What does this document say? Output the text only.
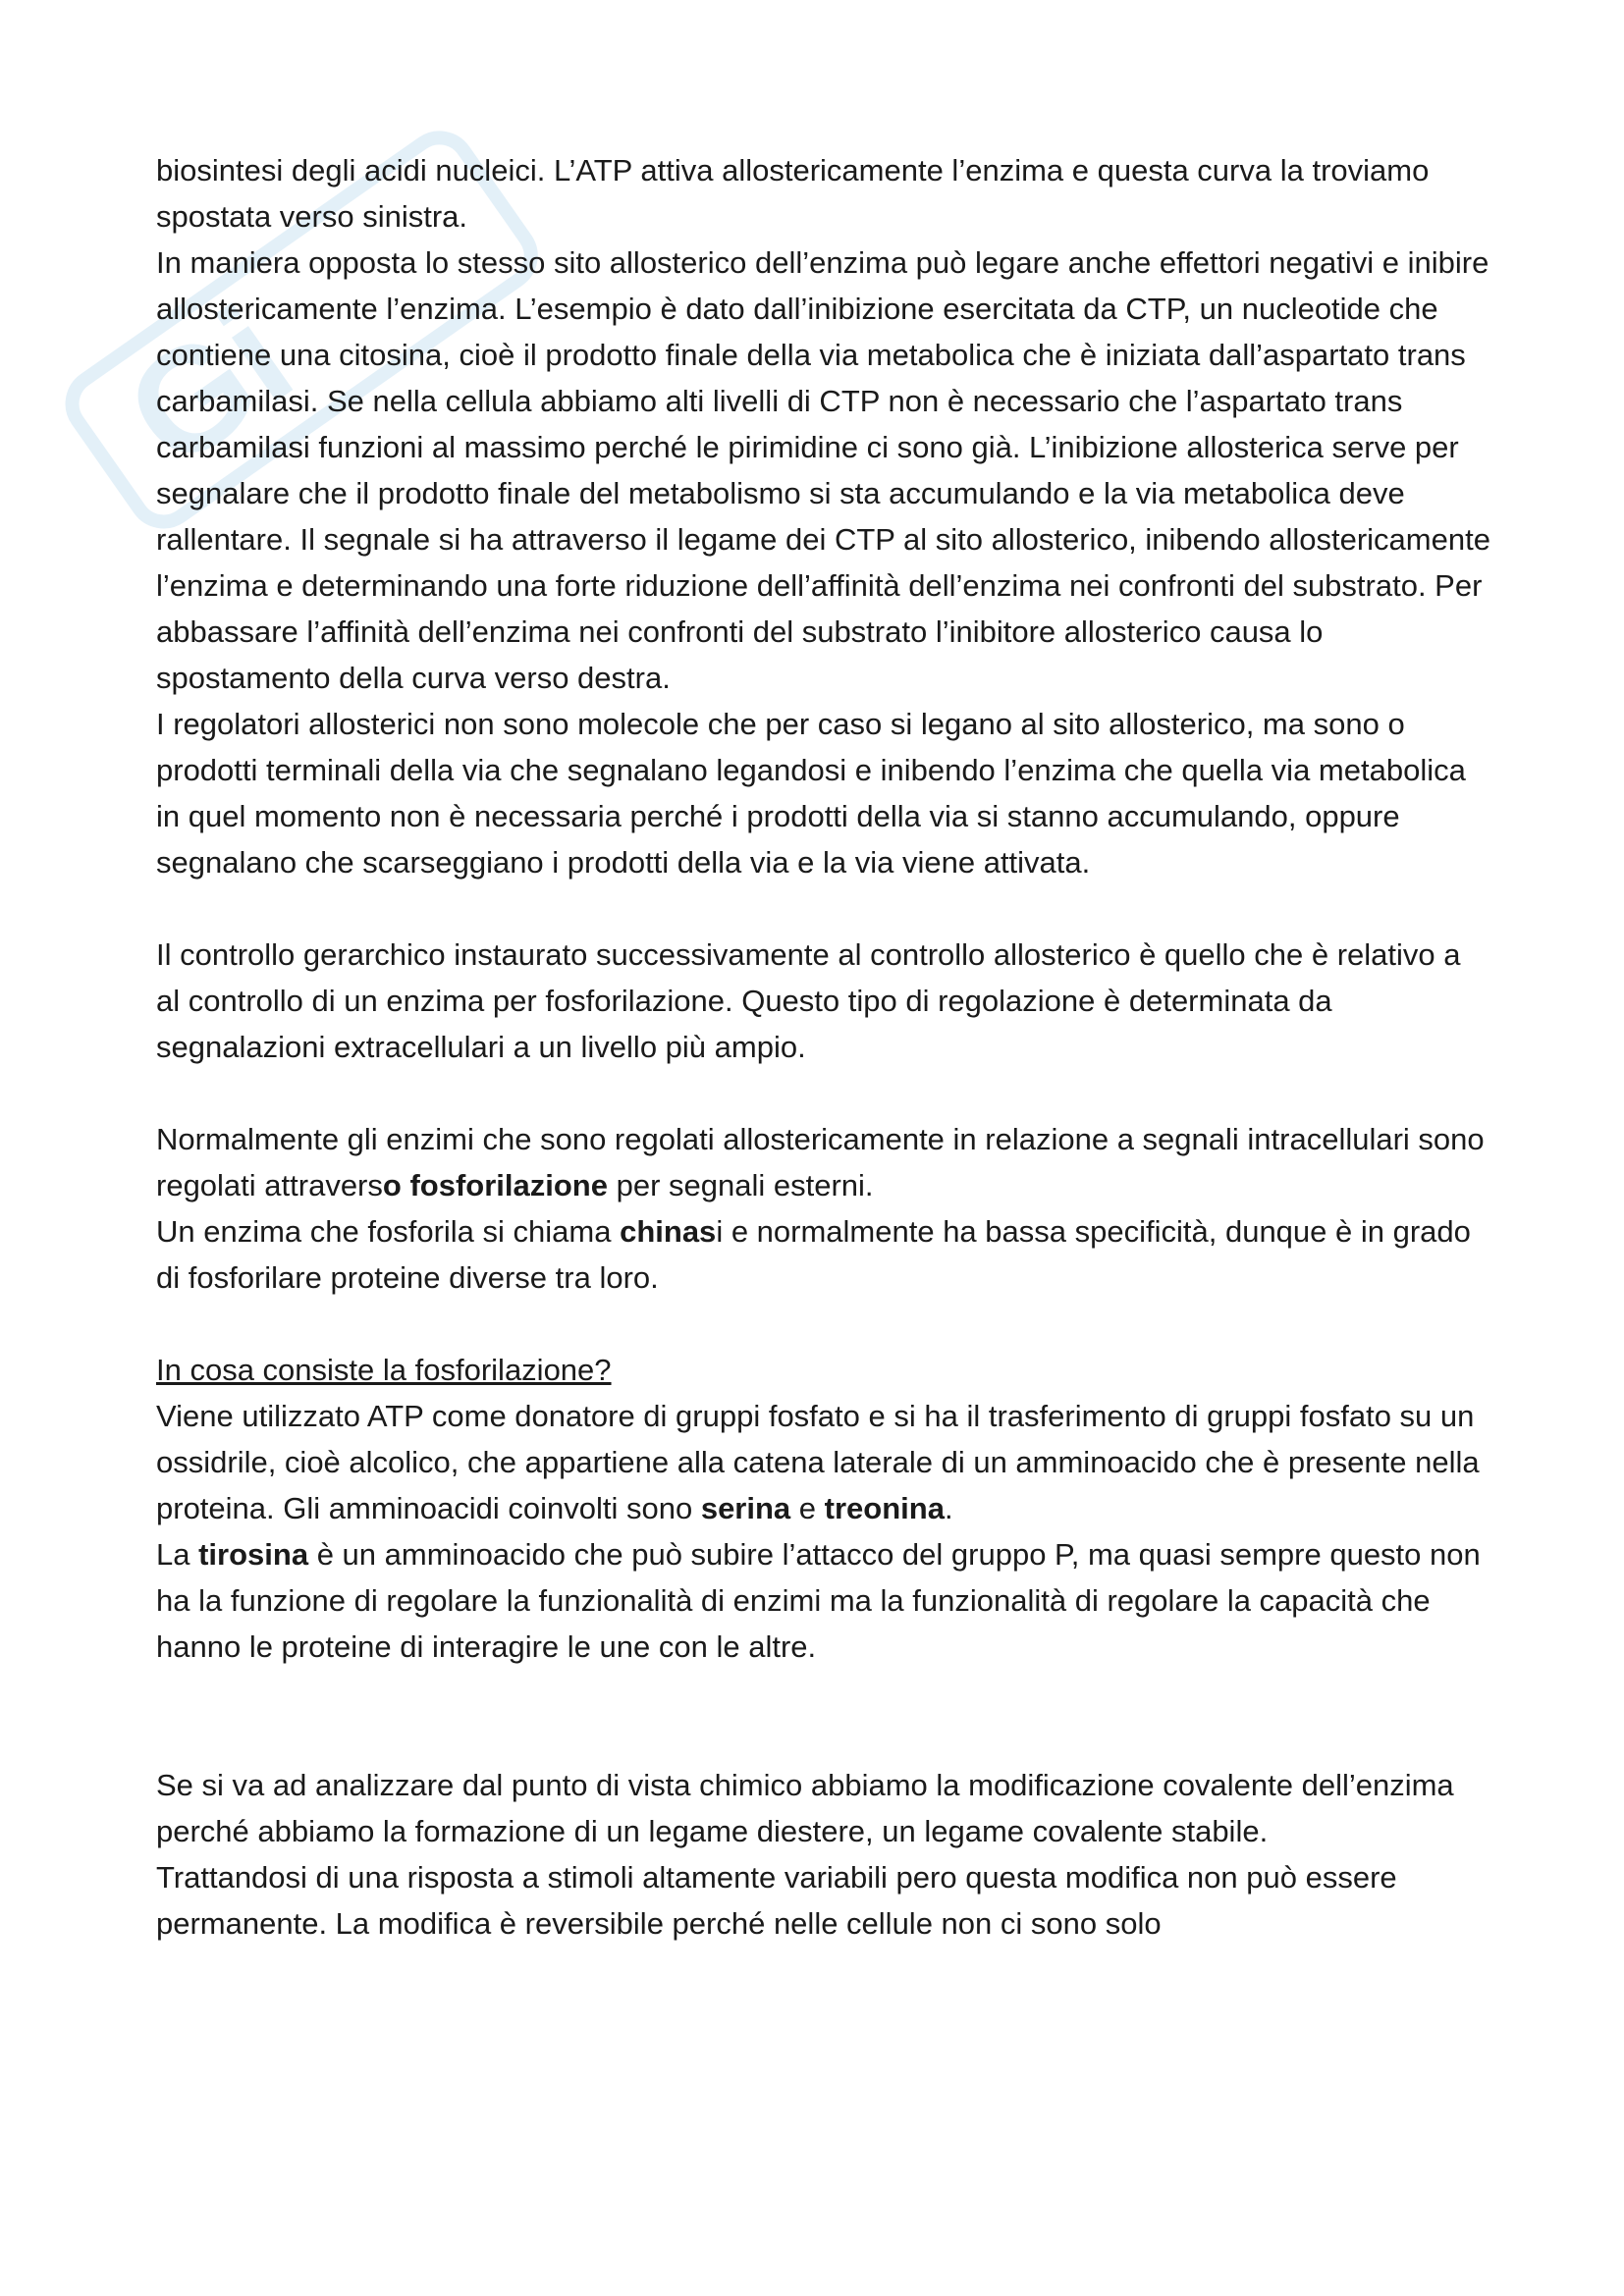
Gi

biosintesi degli acidi nucleici. L’ATP attiva allostericamente l’enzima e questa curva la troviamo spostata verso sinistra.

In maniera opposta lo stesso sito allosterico dell’enzima può legare anche effettori negativi e inibire allostericamente l’enzima. L’esempio è dato dall’inibizione esercitata da CTP, un nucleotide che contiene una citosina, cioè il prodotto finale della via metabolica che è iniziata dall’aspartato trans carbamilasi. Se nella cellula abbiamo alti livelli di CTP non è necessario che l’aspartato trans carbamilasi funzioni al massimo perché le pirimidine ci sono già. L’inibizione allosterica serve per segnalare che il prodotto finale del metabolismo si sta accumulando e la via metabolica deve rallentare. Il segnale si ha attraverso il legame dei CTP al sito allosterico, inibendo allostericamente l’enzima e determinando una forte riduzione dell’affinità dell’enzima nei confronti del substrato. Per abbassare l’affinità dell’enzima nei confronti del substrato l’inibitore allosterico causa lo spostamento della curva verso destra.

I regolatori allosterici non sono molecole che per caso si legano al sito allosterico, ma sono o prodotti terminali della via che segnalano legandosi e inibendo l’enzima che quella via metabolica in quel momento non è necessaria perché i prodotti della via si stanno accumulando, oppure segnalano che scarseggiano i prodotti della via e la via viene attivata.

Il controllo gerarchico instaurato successivamente al controllo allosterico è quello che è relativo a al controllo di un enzima per fosforilazione. Questo tipo di regolazione è determinata da segnalazioni extracellulari a un livello più ampio.

Normalmente gli enzimi che sono regolati allostericamente in relazione a segnali intracellulari sono regolati attraverso fosforilazione per segnali esterni.

Un enzima che fosforila si chiama chinasi e normalmente ha bassa specificità, dunque è in grado di fosforilare proteine diverse tra loro.

In cosa consiste la fosforilazione?

Viene utilizzato ATP come donatore di gruppi fosfato e si ha il trasferimento di gruppi fosfato su un ossidrile, cioè alcolico, che appartiene alla catena laterale di un amminoacido che è presente nella proteina. Gli amminoacidi coinvolti sono serina e treonina.

La tirosina è un amminoacido che può subire l’attacco del gruppo P, ma quasi sempre questo non ha la funzione di regolare la funzionalità di enzimi ma la funzionalità di regolare la capacità che hanno le proteine di interagire le une con le altre.

Se si va ad analizzare dal punto di vista chimico abbiamo la modificazione covalente dell’enzima perché abbiamo la formazione di un legame diestere, un legame covalente stabile.

Trattandosi di una risposta a stimoli altamente variabili pero questa modifica non può essere permanente. La modifica è reversibile perché nelle cellule non ci sono solo
